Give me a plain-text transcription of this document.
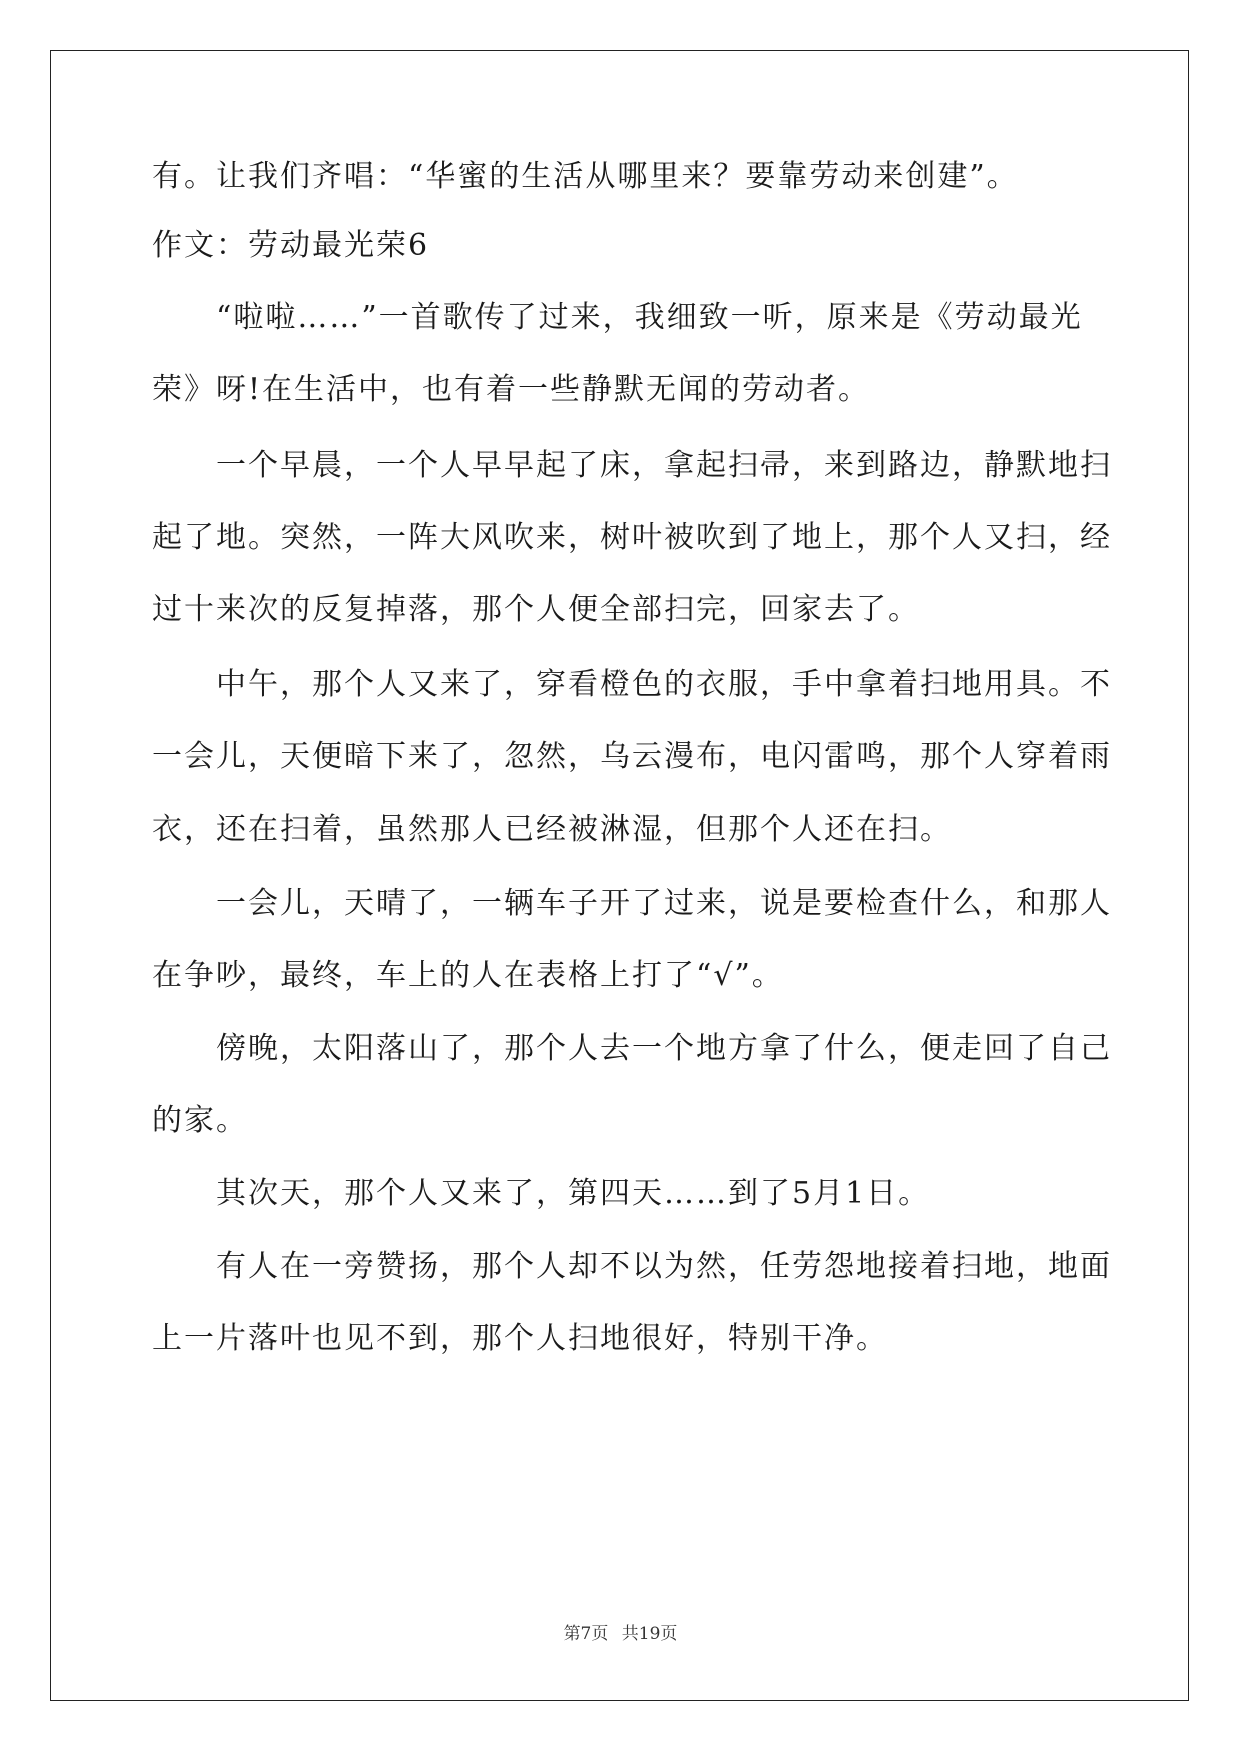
有。让我们齐唱：“华蜜的生活从哪里来？要靠劳动来创建”。
作文：劳动最光荣6
“啦啦……”一首歌传了过来，我细致一听，原来是《劳动最光
荣》呀!在生活中，也有着一些静默无闻的劳动者。
一个早晨，一个人早早起了床，拿起扫帚，来到路边，静默地扫
起了地。突然，一阵大风吹来，树叶被吹到了地上，那个人又扫，经
过十来次的反复掉落，那个人便全部扫完，回家去了。
中午，那个人又来了，穿看橙色的衣服，手中拿着扫地用具。不
一会儿，天便暗下来了，忽然，乌云漫布，电闪雷鸣，那个人穿着雨
衣，还在扫着，虽然那人已经被淋湿，但那个人还在扫。
一会儿，天晴了，一辆车子开了过来，说是要检查什么，和那人
在争吵，最终，车上的人在表格上打了“√”。
傍晚，太阳落山了，那个人去一个地方拿了什么，便走回了自己
的家。
其次天，那个人又来了，第四天……到了5月1日。
有人在一旁赞扬，那个人却不以为然，任劳怨地接着扫地，地面
上一片落叶也见不到，那个人扫地很好，特别干净。
第7页 共19页
